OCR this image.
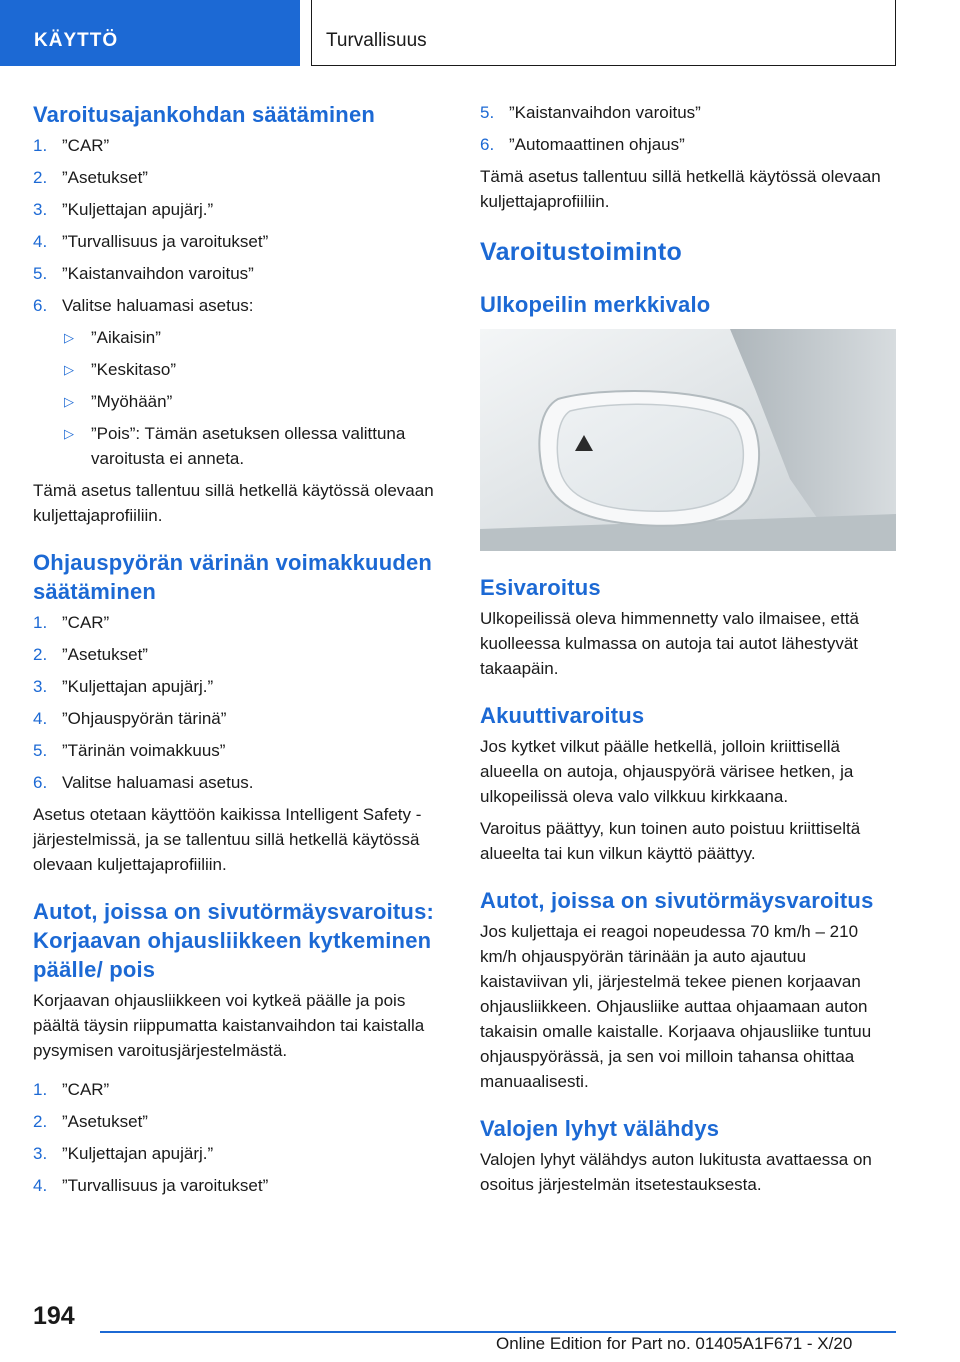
KÄYTTÖ	Turvallisuus
Varoitusajankohdan säätäminen
1. ”CAR”
2. ”Asetukset”
3. ”Kuljettajan apujärj.”
4. ”Turvallisuus ja varoitukset”
5. ”Kaistanvaihdon varoitus”
6. Valitse haluamasi asetus:
▷ ”Aikaisin”
▷ ”Keskitaso”
▷ ”Myöhään”
▷ ”Pois”: Tämän asetuksen ollessa valittuna varoitusta ei anneta.

Tämä asetus tallentuu sillä hetkellä käytössä olevaan kuljettajaprofiiliin.

Ohjauspyörän värinän voimakkuuden säätäminen
1. ”CAR”
2. ”Asetukset”
3. ”Kuljettajan apujärj.”
4. ”Ohjauspyörän tärinä”
5. ”Tärinän voimakkuus”
6. Valitse haluamasi asetus.

Asetus otetaan käyttöön kaikissa Intelligent Safety -järjestelmissä, ja se tallentuu sillä hetkellä käytössä olevaan kuljettajaprofiiliin.

Autot, joissa on sivutörmäysvaroitus: Korjaavan ohjausliikkeen kytkeminen päälle/ pois

Korjaavan ohjausliikkeen voi kytkeä päälle ja pois päältä täysin riippumatta kaistanvaihdon tai kaistalla pysymisen varoitusjärjestelmästä.

1. ”CAR”
2. ”Asetukset”
3. ”Kuljettajan apujärj.”
4. ”Turvallisuus ja varoitukset”
5. ”Kaistanvaihdon varoitus”
6. ”Automaattinen ohjaus”

Tämä asetus tallentuu sillä hetkellä käytössä olevaan kuljettajaprofiiliin.

Varoitustoiminto
Ulkopeilin merkkivalo
Esivaroitus

Ulkopeilissä oleva himmennetty valo ilmaisee, että kuolleessa kulmassa on autoja tai autot lähestyvät takaapäin.

Akuuttivaroitus

Jos kytket vilkut päälle hetkellä, jolloin kriittisellä alueella on autoja, ohjauspyörä värisee hetken, ja ulkopeilissä oleva valo vilkkuu kirkkaana.

Varoitus päättyy, kun toinen auto poistuu kriittiseltä alueelta tai kun vilkun käyttö päättyy.

Autot, joissa on sivutörmäysvaroitus

Jos kuljettaja ei reagoi nopeudessa 70 km/h – 210 km/h ohjauspyörän tärinään ja auto ajautuu kaistaviivan yli, järjestelmä tekee pienen korjaavan ohjausliikkeen. Ohjausliike auttaa ohjaamaan auton takaisin omalle kaistalle. Korjaava ohjausliike tuntuu ohjauspyörässä, ja sen voi milloin tahansa ohittaa manuaalisesti.

Valojen lyhyt välähdys

Valojen lyhyt välähdys auton lukitusta avattaessa on osoitus järjestelmän itsetestauksesta.

194
Online Edition for Part no. 01405A1F671 - X/20
